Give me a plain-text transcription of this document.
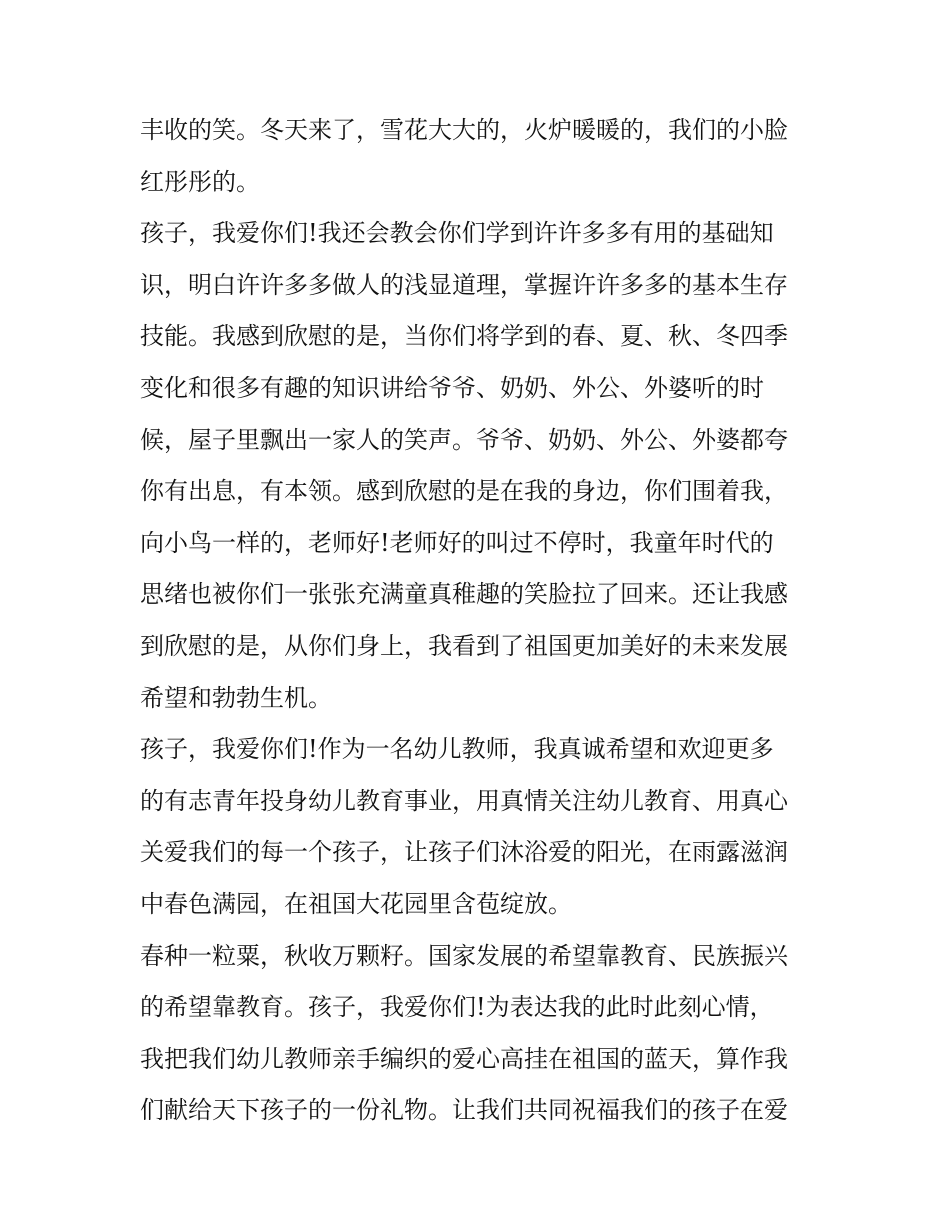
丰收的笑。冬天来了，雪花大大的，火炉暖暖的，我们的小脸
红彤彤的。
孩子，我爱你们!我还会教会你们学到许许多多有用的基础知
识，明白许许多多做人的浅显道理，掌握许许多多的基本生存
技能。我感到欣慰的是，当你们将学到的春、夏、秋、冬四季
变化和很多有趣的知识讲给爷爷、奶奶、外公、外婆听的时
候，屋子里飘出一家人的笑声。爷爷、奶奶、外公、外婆都夸
你有出息，有本领。感到欣慰的是在我的身边，你们围着我，
向小鸟一样的，老师好!老师好的叫过不停时，我童年时代的
思绪也被你们一张张充满童真稚趣的笑脸拉了回来。还让我感
到欣慰的是，从你们身上，我看到了祖国更加美好的未来发展
希望和勃勃生机。
孩子，我爱你们!作为一名幼儿教师，我真诚希望和欢迎更多
的有志青年投身幼儿教育事业，用真情关注幼儿教育、用真心
关爱我们的每一个孩子，让孩子们沐浴爱的阳光，在雨露滋润
中春色满园，在祖国大花园里含苞绽放。
春种一粒粟，秋收万颗籽。国家发展的希望靠教育、民族振兴
的希望靠教育。孩子，我爱你们!为表达我的此时此刻心情，
我把我们幼儿教师亲手编织的爱心高挂在祖国的蓝天，算作我
们献给天下孩子的一份礼物。让我们共同祝福我们的孩子在爱
